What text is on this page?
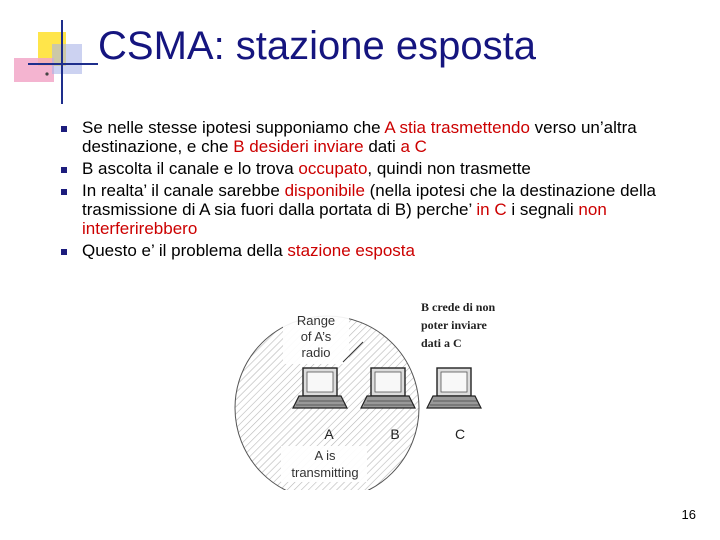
CSMA: stazione esposta
Se nelle stesse ipotesi supponiamo che A stia trasmettendo verso un’altra destinazione, e che B desideri inviare dati a C
B ascolta il canale e lo trova occupato, quindi non trasmette
In realta’ il canale sarebbe disponibile (nella ipotesi che la destinazione della trasmissione di A sia fuori dalla portata di B) perche’ in C i segnali non interferirebbero
Questo e’ il problema della stazione esposta
Range
of A’s
radio
B crede di non
poter inviare
dati a C
A	B	C
A is
transmitting
16
